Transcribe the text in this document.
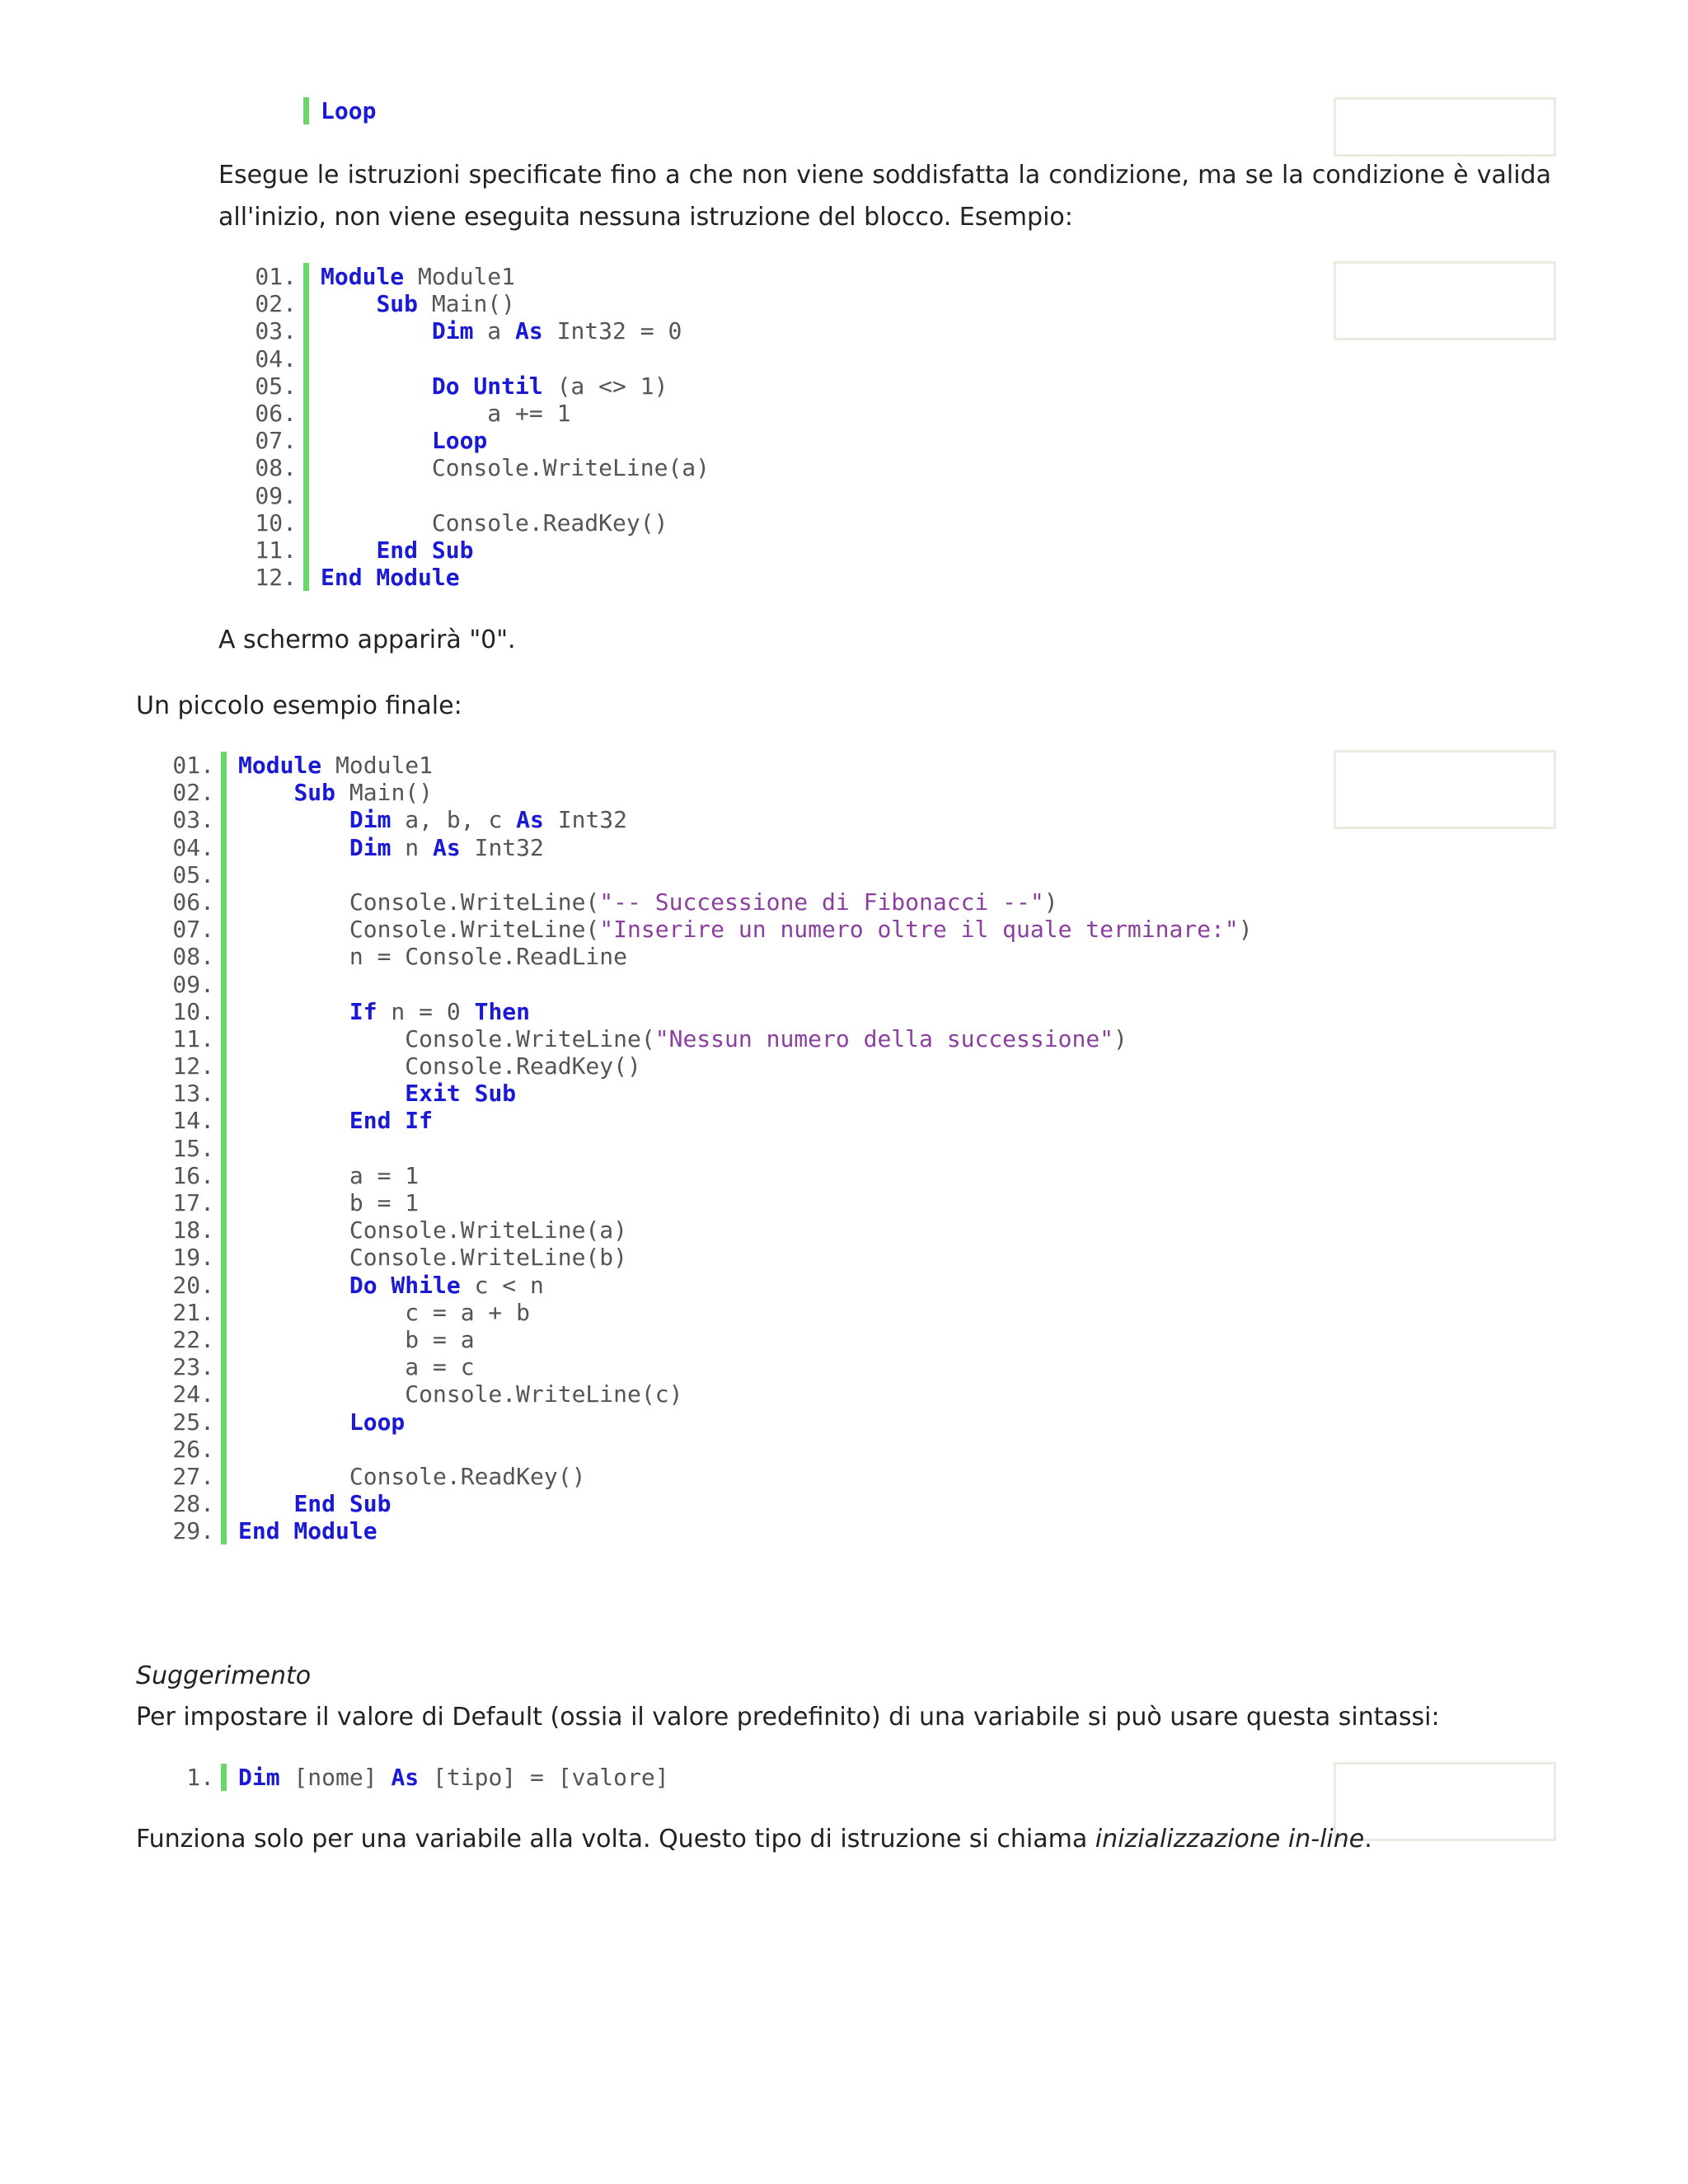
Loop

Esegue le istruzioni specificate fino a che non viene soddisfatta la condizione, ma se la condizione è valida all'inizio, non viene eseguita nessuna istruzione del blocco. Esempio:

01.	Module Module1
02.	Sub Main()
03.	Dim a As Int32 = 0
04.

05.	Do Until (a <> 1)
06.	a += 1
07.	Loop
08.	Console.WriteLine(a)
09.

10.	Console.ReadKey()
11.	End Sub
12.	End Module

A schermo apparirà "0".

Un piccolo esempio finale:

01.	Module Module1
02.	Sub Main()
03.	Dim a, b, c As Int32
04.	Dim n As Int32
05.

06.	Console.WriteLine("-- Successione di Fibonacci --")
07.	Console.WriteLine("Inserire un numero oltre il quale terminare:")
08.	n = Console.ReadLine
09.

10.	If n = 0 Then
11.	Console.WriteLine("Nessun numero della successione")
12.	Console.ReadKey()
13.	Exit Sub
14.	End If
15.

16.	a = 1
17.	b = 1
18.	Console.WriteLine(a)
19.	Console.WriteLine(b)
20.	Do While c < n
21.	c = a + b
22.	b = a
23.	a = c
24.	Console.WriteLine(c)
25.	Loop
26.

27.	Console.ReadKey()
28.	End Sub
29.	End Module

Suggerimento

Per impostare il valore di Default (ossia il valore predefinito) di una variabile si può usare questa sintassi:

1.	Dim [nome] As [tipo] = [valore]

Funziona solo per una variabile alla volta. Questo tipo di istruzione si chiama inizializzazione in-line.
